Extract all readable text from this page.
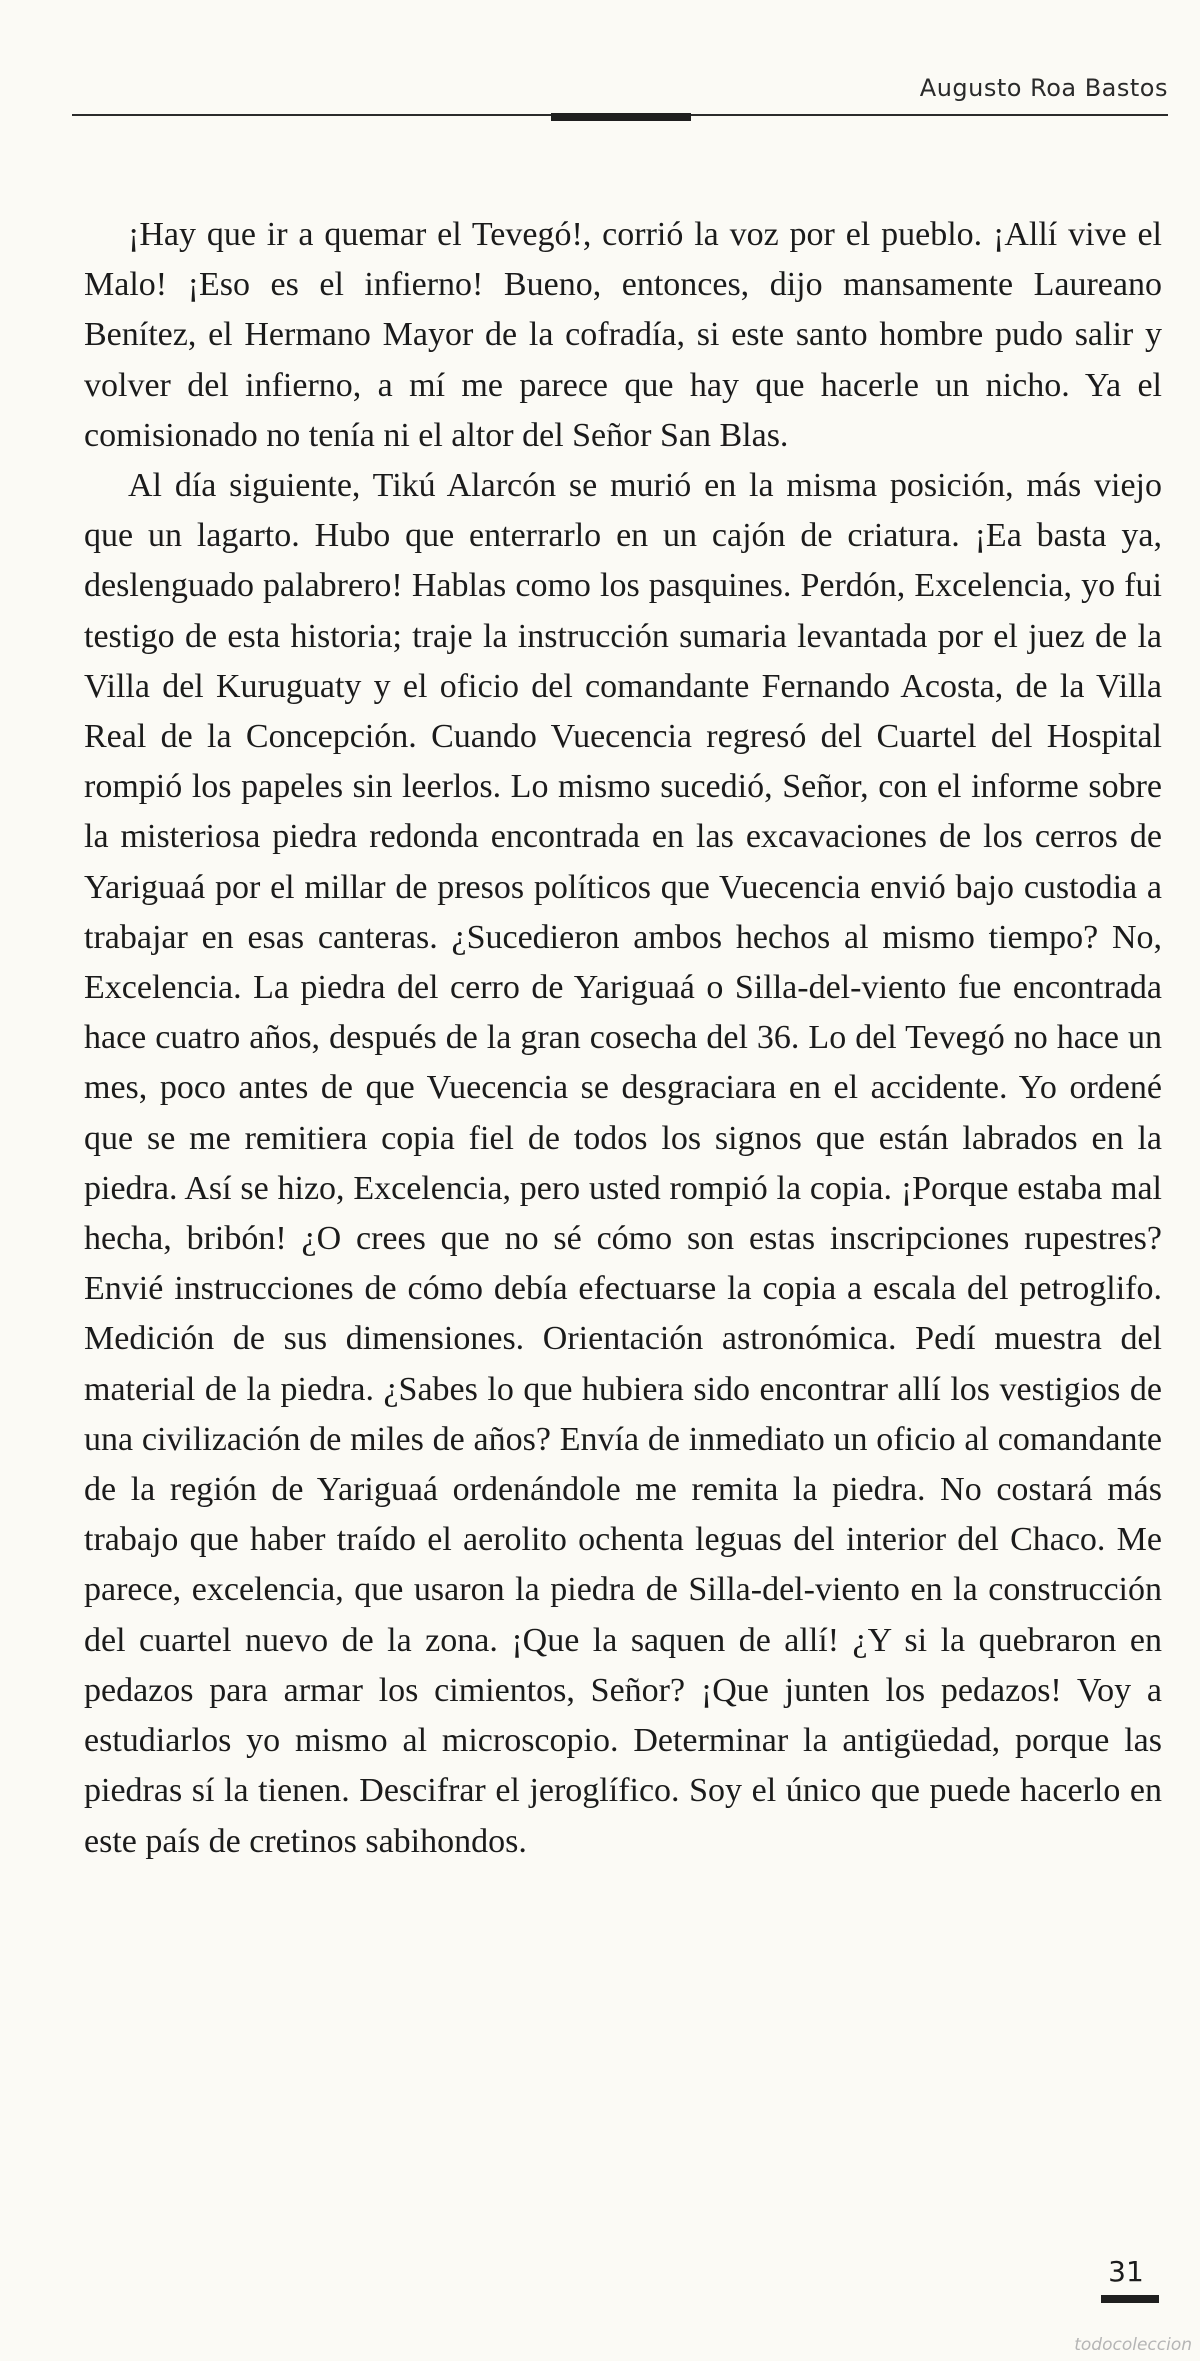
Augusto Roa Bastos

¡Hay que ir a quemar el Tevegó!, corrió la voz por el pueblo. ¡Allí vive el Malo! ¡Eso es el infierno! Bueno, entonces, dijo mansamente Laureano Benítez, el Hermano Mayor de la cofradía, si este santo hombre pudo salir y volver del infierno, a mí me parece que hay que hacerle un nicho. Ya el comisionado no tenía ni el altor del Señor San Blas.

Al día siguiente, Tikú Alarcón se murió en la misma posición, más viejo que un lagarto. Hubo que enterrarlo en un cajón de criatura. ¡Ea basta ya, deslenguado palabrero! Hablas como los pasquines. Perdón, Excelencia, yo fui testigo de esta historia; traje la instrucción sumaria levantada por el juez de la Villa del Kuruguaty y el oficio del comandante Fernando Acosta, de la Villa Real de la Concepción. Cuando Vuecencia regresó del Cuartel del Hospital rompió los papeles sin leerlos. Lo mismo sucedió, Señor, con el informe sobre la misteriosa piedra redonda encontrada en las excavaciones de los cerros de Yariguaá por el millar de presos políticos que Vuecencia envió bajo custodia a trabajar en esas canteras. ¿Sucedieron ambos hechos al mismo tiempo? No, Excelencia. La piedra del cerro de Yariguaá o Silla-del-viento fue encontrada hace cuatro años, después de la gran cosecha del 36. Lo del Tevegó no hace un mes, poco antes de que Vuecencia se desgraciara en el accidente. Yo ordené que se me remitiera copia fiel de todos los signos que están labrados en la piedra. Así se hizo, Excelencia, pero usted rompió la copia. ¡Porque estaba mal hecha, bribón! ¿O crees que no sé cómo son estas inscripciones rupestres? Envié instrucciones de cómo debía efectuarse la copia a escala del petroglifo. Medición de sus dimensiones. Orientación astronómica. Pedí muestra del material de la piedra. ¿Sabes lo que hubiera sido encontrar allí los vestigios de una civilización de miles de años? Envía de inmediato un oficio al comandante de la región de Yariguaá ordenándole me remita la piedra. No costará más trabajo que haber traído el aerolito ochenta leguas del interior del Chaco. Me parece, excelencia, que usaron la piedra de Silla-del-viento en la construcción del cuartel nuevo de la zona. ¡Que la saquen de allí! ¿Y si la quebraron en pedazos para armar los cimientos, Señor? ¡Que junten los pedazos! Voy a estudiarlos yo mismo al microscopio. Determinar la antigüedad, porque las piedras sí la tienen. Descifrar el jeroglífico. Soy el único que puede hacerlo en este país de cretinos sabihondos.

31
todocoleccion
